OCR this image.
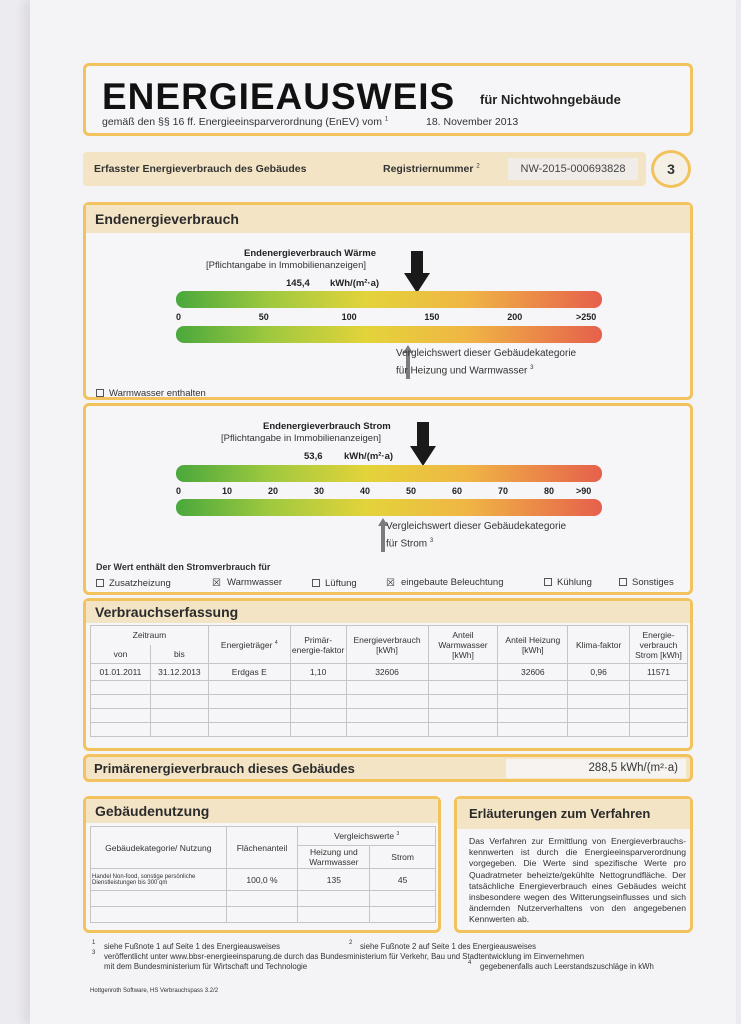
ENERGIEAUSWEIS für Nichtwohngebäude
gemäß den §§ 16 ff. Energieeinsparverordnung (EnEV) vom $^1$	18. November 2013
Erfasster Energieverbrauch des Gebäudes	Registriernummer $^2$	NW-2015-000693828	3
Endenergieverbrauch
Endenergieverbrauch Wärme
[Pflichtangabe in Immobilienanzeigen]
145,4 kWh/(m²·a)
0	50	100	150	200	>250
Vergleichswert dieser Gebäudekategorie
für Heizung und Warmwasser $^3$
Warmwasser enthalten
Endenergieverbrauch Strom
[Pflichtangabe in Immobilienanzeigen]
53,6 kWh/(m²·a)
0	10	20	30	40	50	60	70	80 >90
Vergleichswert dieser Gebäudekategorie
für Strom $^3$
Der Wert enthält den Stromverbrauch für
Zusatzheizung	☒ Warmwasser	Lüftung	☒ eingebaute Beleuchtung	Kühlung	Sonstiges
Verbrauchserfassung
Zeitraum		Energieträger $^4$	Primär-energie-faktor	Energieverbrauch [kWh]	Anteil Warmwasser [kWh]	Anteil Heizung [kWh]	Klima-faktor	Energie-verbrauch Strom [kWh]
von	bis							
01.01.2011	31.12.2013	Erdgas E	1,10	32606		32606	0,96	11571

Primärenergieverbrauch dieses Gebäudes	288,5 kWh/(m²·a)
Gebäudenutzung
Gebäudekategorie/ Nutzung	Flächenanteil	Vergleichswerte $^3$
		Heizung und Warmwasser	Strom
Handel Non-food, sonstige persönliche Dienstleistungen bis 300 qm	100,0 %	135	45

Erläuterungen zum Verfahren
Das Verfahren zur Ermittlung von Energieverbrauchs-kennwerten ist durch die Energieeinsparverordnung vorgegeben. Die Werte sind spezifische Werte pro Quadratmeter beheizte/gekühlte Nettogrundfläche. Der tatsächliche Energieverbrauch eines Gebäudes weicht insbesondere wegen des Witterungseinflusses und sich ändernden Nutzerverhaltens von den angegebenen Kennwerten ab.
1 siehe Fußnote 1 auf Seite 1 des Energieausweises	2 siehe Fußnote 2 auf Seite 1 des Energieausweises
3 veröffentlicht unter www.bbsr-energieeinsparung.de durch das Bundesministerium für Verkehr, Bau und Stadtentwicklung im Einvernehmen
mit dem Bundesministerium für Wirtschaft und Technologie	4 gegebenenfalls auch Leerstandszuschläge in kWh
Hottgenroth Software, HS Verbrauchspass 3.2/2
